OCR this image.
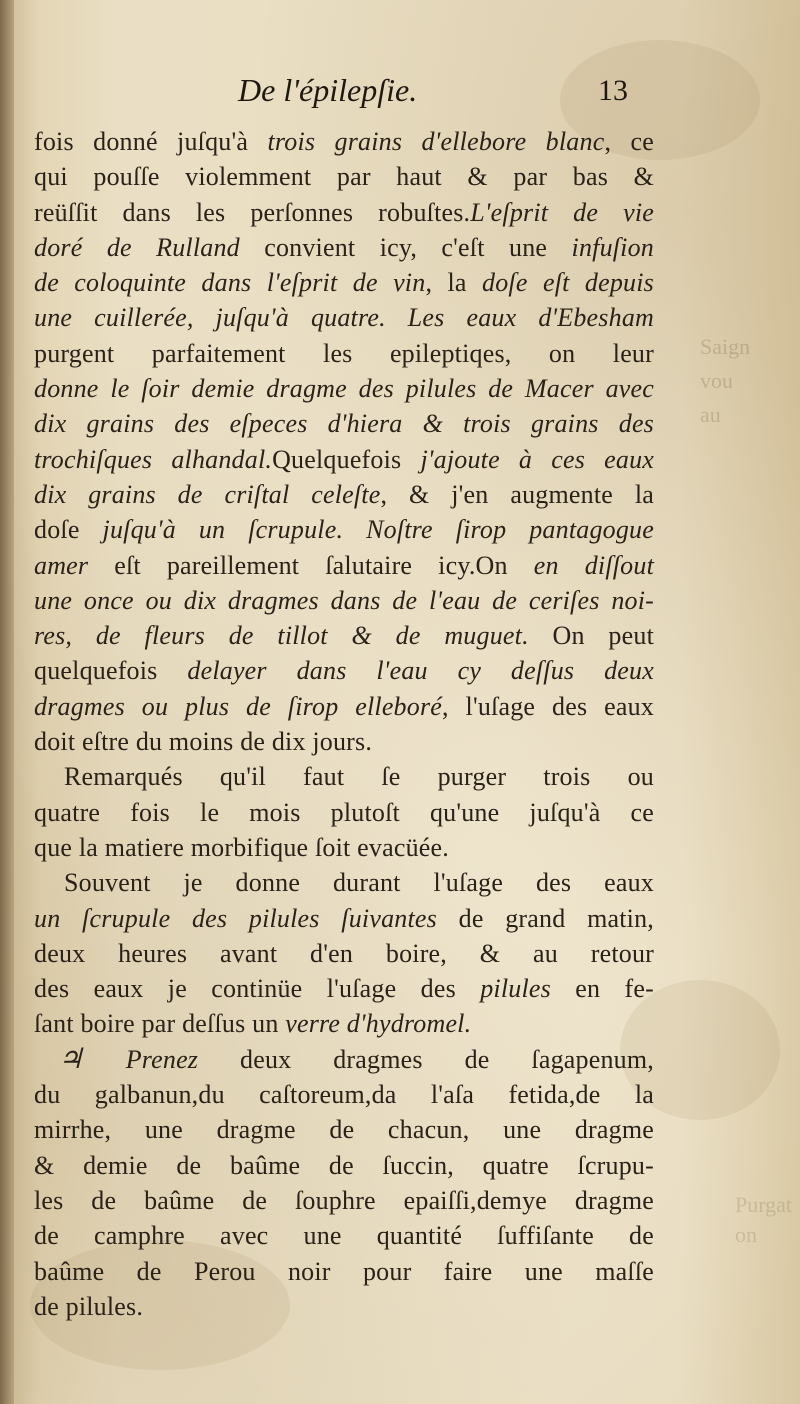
Saign
vou
au
Purgat
on
De l'épilepſie.	13
fois donné juſqu'à trois grains d'ellebore blanc, ce
qui pouſſe violemment par haut & par bas &
reüſſit dans les perſonnes robuſtes.L'eſprit de vie
doré de Rulland convient icy, c'eſt une infuſion
de coloquinte dans l'eſprit de vin, la doſe eſt depuis
une cuillerée, juſqu'à quatre. Les eaux d'Ebesham
purgent parfaitement les epileptiqes, on leur
donne le ſoir demie dragme des pilules de Macer avec
dix grains des eſpeces d'hiera & trois grains des
trochiſques alhandal.Quelquefois j'ajoute à ces eaux
dix grains de criſtal celeſte, & j'en augmente la
doſe juſqu'à un ſcrupule. Noſtre ſirop pantagogue
amer eſt pareillement ſalutaire icy.On en diſſout
une once ou dix dragmes dans de l'eau de ceriſes noi-
res, de fleurs de tillot & de muguet. On peut
quelquefois delayer dans l'eau cy deſſus deux
dragmes ou plus de ſirop elleboré, l'uſage des eaux
doit eſtre du moins de dix jours.
Remarqués qu'il faut ſe purger trois ou
quatre fois le mois plutoſt qu'une juſqu'à ce
que la matiere morbifique ſoit evacüée.
Souvent je donne durant l'uſage des eaux
un ſcrupule des pilules ſuivantes de grand matin,
deux heures avant d'en boire, & au retour
des eaux je continüe l'uſage des pilules en fe-
ſant boire par deſſus un verre d'hydromel.
♃ Prenez deux dragmes de ſagapenum,
du galbanun,du caſtoreum,da l'aſa fetida,de la
mirrhe, une dragme de chacun, une dragme
& demie de baûme de ſuccin, quatre ſcrupu-
les de baûme de ſouphre epaiſſi,demye dragme
de camphre avec une quantité ſuffiſante de
baûme de Perou noir pour faire une maſſe
de pilules.
